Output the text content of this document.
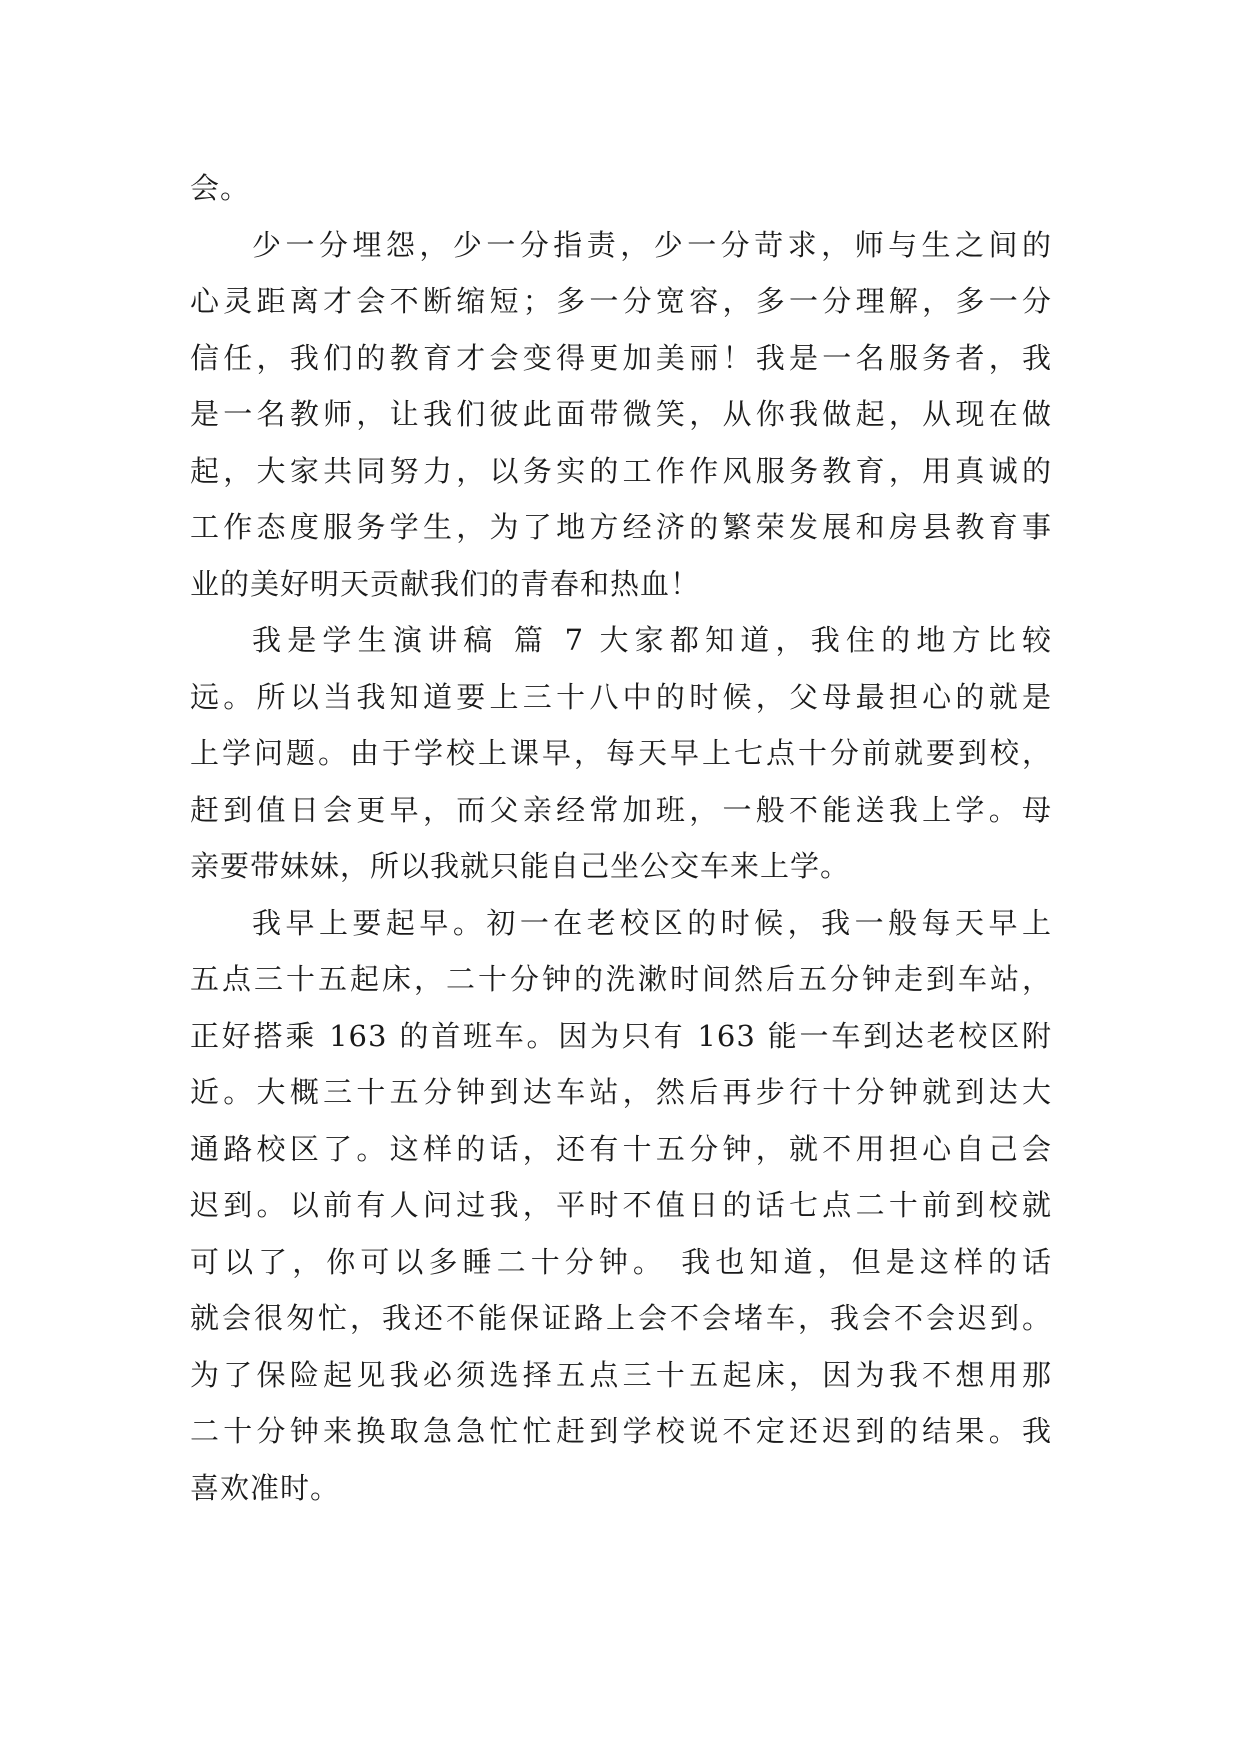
会。
少一分埋怨，少一分指责，少一分苛求，师与生之间的
心灵距离才会不断缩短；多一分宽容，多一分理解，多一分
信任，我们的教育才会变得更加美丽！我是一名服务者，我
是一名教师，让我们彼此面带微笑，从你我做起，从现在做
起，大家共同努力，以务实的工作作风服务教育，用真诚的
工作态度服务学生，为了地方经济的繁荣发展和房县教育事
业的美好明天贡献我们的青春和热血！
我是学生演讲稿 篇 7 大家都知道，我住的地方比较
远。所以当我知道要上三十八中的时候，父母最担心的就是
上学问题。由于学校上课早，每天早上七点十分前就要到校，
赶到值日会更早，而父亲经常加班，一般不能送我上学。母
亲要带妹妹，所以我就只能自己坐公交车来上学。
我早上要起早。初一在老校区的时候，我一般每天早上
五点三十五起床，二十分钟的洗漱时间然后五分钟走到车站，
正好搭乘 163 的首班车。因为只有 163 能一车到达老校区附
近。大概三十五分钟到达车站，然后再步行十分钟就到达大
通路校区了。这样的话，还有十五分钟，就不用担心自己会
迟到。以前有人问过我，平时不值日的话七点二十前到校就
可以了，你可以多睡二十分钟。 我也知道，但是这样的话
就会很匆忙，我还不能保证路上会不会堵车，我会不会迟到。
为了保险起见我必须选择五点三十五起床，因为我不想用那
二十分钟来换取急急忙忙赶到学校说不定还迟到的结果。我
喜欢准时。
